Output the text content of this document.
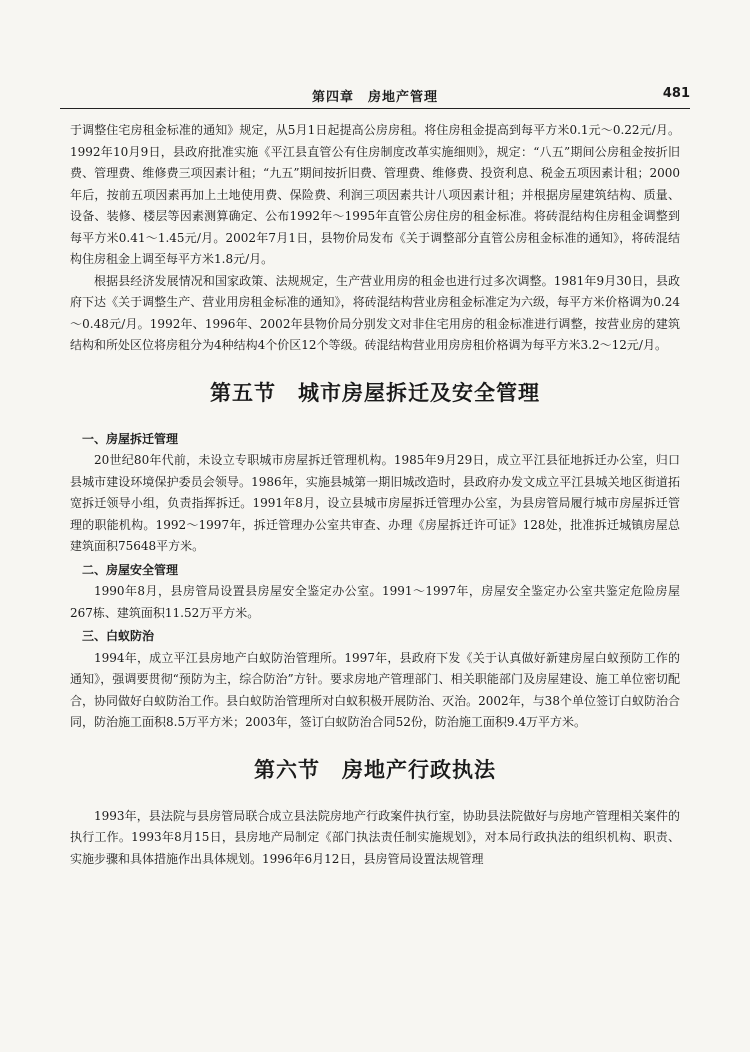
第四章　房地产管理	481

于调整住宅房租金标准的通知》规定，从5月1日起提高公房房租。将住房租金提高到每平方米0.1元～0.22元/月。1992年10月9日，县政府批准实施《平江县直管公有住房制度改革实施细则》，规定：“八五”期间公房租金按折旧费、管理费、维修费三项因素计租；“九五”期间按折旧费、管理费、维修费、投资利息、税金五项因素计租；2000年后，按前五项因素再加上土地使用费、保险费、利润三项因素共计八项因素计租；并根据房屋建筑结构、质量、设备、装修、楼层等因素测算确定、公布1992年～1995年直管公房住房的租金标准。将砖混结构住房租金调整到每平方米0.41～1.45元/月。2002年7月1日，县物价局发布《关于调整部分直管公房租金标准的通知》，将砖混结构住房租金上调至每平方米1.8元/月。

根据县经济发展情况和国家政策、法规规定，生产营业用房的租金也进行过多次调整。1981年9月30日，县政府下达《关于调整生产、营业用房租金标准的通知》，将砖混结构营业房租金标准定为六级，每平方米价格调为0.24～0.48元/月。1992年、1996年、2002年县物价局分别发文对非住宅用房的租金标准进行调整，按营业房的建筑结构和所处区位将房租分为4种结构4个价区12个等级。砖混结构营业用房房租价格调为每平方米3.2～12元/月。

第五节　城市房屋拆迁及安全管理
一、房屋拆迁管理

20世纪80年代前，未设立专职城市房屋拆迁管理机构。1985年9月29日，成立平江县征地拆迁办公室，归口县城市建设环境保护委员会领导。1986年，实施县城第一期旧城改造时，县政府办发文成立平江县城关地区街道拓宽拆迁领导小组，负责指挥拆迁。1991年8月，设立县城市房屋拆迁管理办公室，为县房管局履行城市房屋拆迁管理的职能机构。1992～1997年，拆迁管理办公室共审查、办理《房屋拆迁许可证》128处，批准拆迁城镇房屋总建筑面积75648平方米。

二、房屋安全管理

1990年8月，县房管局设置县房屋安全鉴定办公室。1991～1997年，房屋安全鉴定办公室共鉴定危险房屋267栋、建筑面积11.52万平方米。

三、白蚁防治

1994年，成立平江县房地产白蚁防治管理所。1997年，县政府下发《关于认真做好新建房屋白蚁预防工作的通知》，强调要贯彻“预防为主，综合防治”方针。要求房地产管理部门、相关职能部门及房屋建设、施工单位密切配合，协同做好白蚁防治工作。县白蚁防治管理所对白蚁积极开展防治、灭治。2002年，与38个单位签订白蚁防治合同，防治施工面积8.5万平方米；2003年，签订白蚁防治合同52份，防治施工面积9.4万平方米。

第六节　房地产行政执法

1993年，县法院与县房管局联合成立县法院房地产行政案件执行室，协助县法院做好与房地产管理相关案件的执行工作。1993年8月15日，县房地产局制定《部门执法责任制实施规划》，对本局行政执法的组织机构、职责、实施步骤和具体措施作出具体规划。1996年6月12日，县房管局设置法规管理
